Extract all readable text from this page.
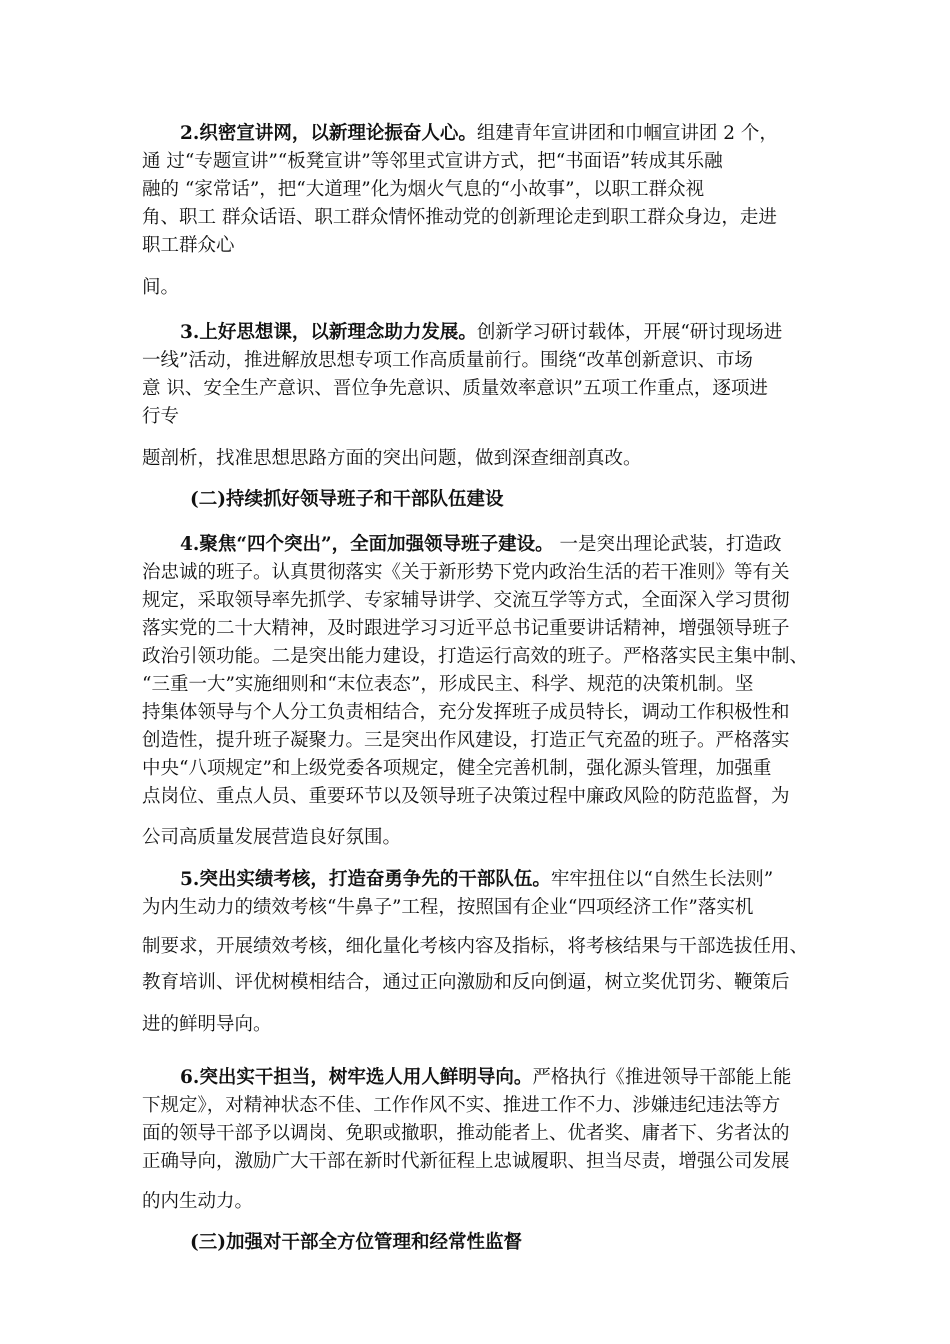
2.织密宣讲网，以新理论振奋人心。组建青年宣讲团和巾帼宣讲团 2 个，
通 过“专题宣讲”“板凳宣讲”等邻里式宣讲方式，把“书面语”转成其乐融
融的 “家常话”，把“大道理”化为烟火气息的“小故事”，以职工群众视
角、职工 群众话语、职工群众情怀推动党的创新理论走到职工群众身边，走进
职工群众心
间。
3.上好思想课，以新理念助力发展。创新学习研讨载体，开展“研讨现场进
一线”活动，推进解放思想专项工作高质量前行。围绕“改革创新意识、市场
意 识、安全生产意识、晋位争先意识、质量效率意识”五项工作重点，逐项进
行专
题剖析，找准思想思路方面的突出问题，做到深查细剖真改。
(二)持续抓好领导班子和干部队伍建设
4.聚焦“四个突出”，全面加强领导班子建设。 一是突出理论武装，打造政
治忠诚的班子。认真贯彻落实《关于新形势下党内政治生活的若干准则》等有关
规定，采取领导率先抓学、专家辅导讲学、交流互学等方式，全面深入学习贯彻
落实党的二十大精神，及时跟进学习习近平总书记重要讲话精神，增强领导班子
政治引领功能。二是突出能力建设，打造运行高效的班子。严格落实民主集中制、
“三重一大”实施细则和“末位表态”，形成民主、科学、规范的决策机制。坚
持集体领导与个人分工负责相结合，充分发挥班子成员特长，调动工作积极性和
创造性，提升班子凝聚力。三是突出作风建设，打造正气充盈的班子。严格落实
中央“八项规定”和上级党委各项规定，健全完善机制，强化源头管理，加强重
点岗位、重点人员、重要环节以及领导班子决策过程中廉政风险的防范监督，为
公司高质量发展营造良好氛围。
5.突出实绩考核，打造奋勇争先的干部队伍。牢牢扭住以“自然生长法则”
为内生动力的绩效考核“牛鼻子”工程，按照国有企业“四项经济工作”落实机
制要求，开展绩效考核，细化量化考核内容及指标，将考核结果与干部选拔任用、
教育培训、评优树模相结合，通过正向激励和反向倒逼，树立奖优罚劣、鞭策后
进的鲜明导向。
6.突出实干担当，树牢选人用人鲜明导向。严格执行《推进领导干部能上能
下规定》，对精神状态不佳、工作作风不实、推进工作不力、涉嫌违纪违法等方
面的领导干部予以调岗、免职或撤职，推动能者上、优者奖、庸者下、劣者汰的
正确导向，激励广大干部在新时代新征程上忠诚履职、担当尽责，增强公司发展
的内生动力。
(三)加强对干部全方位管理和经常性监督
